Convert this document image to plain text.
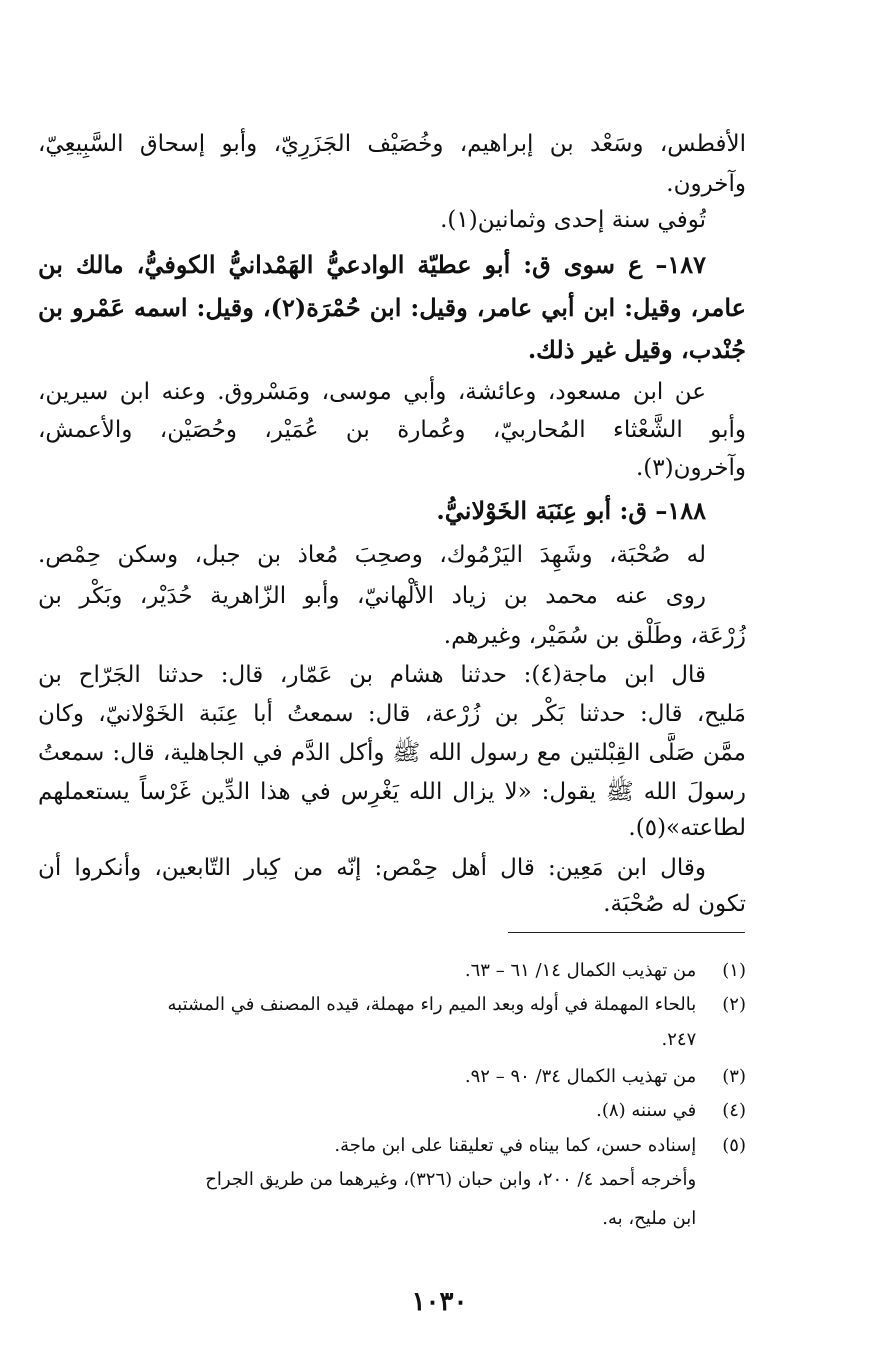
الأفطس، وسَعْد بن إبراهيم، وخُصَيْف الجَزَرِيّ، وأبو إسحاق السَّبِيعِيّ،
وآخرون.
تُوفي سنة إحدى وثمانين(١).
١٨٧– ع سوى ق: أبو عطيّة الوادعيُّ الهَمْدانيُّ الكوفيُّ، مالك بن
عامر، وقيل: ابن أبي عامر، وقيل: ابن حُمْرَة(٢)، وقيل: اسمه عَمْرو بن
جُنْدب، وقيل غير ذلك.
عن ابن مسعود، وعائشة، وأبي موسى، ومَسْروق. وعنه ابن سيرين،
وأبو الشَّعْثاء المُحاربيّ، وعُمارة بن عُمَيْر، وحُصَيْن، والأعمش،
وآخرون(٣).
١٨٨– ق: أبو عِنَبَة الخَوْلانيُّ.
له صُحْبَة، وشَهِدَ اليَرْمُوك، وصحِبَ مُعاذ بن جبل، وسكن حِمْص.
روى عنه محمد بن زياد الألْهانيّ، وأبو الزّاهرية حُدَيْر، وبَكْر بن
زُرْعَة، وطَلْق بن سُمَيْر، وغيرهم.
قال ابن ماجة(٤): حدثنا هشام بن عَمّار، قال: حدثنا الجَرّاح بن
مَليح، قال: حدثنا بَكْر بن زُرْعة، قال: سمعتُ أبا عِنَبة الخَوْلانيّ، وكان
ممَّن صَلَّى القِبْلتين مع رسول الله ﷺ وأكل الدَّم في الجاهلية، قال: سمعتُ
رسولَ الله ﷺ يقول: «لا يزال الله يَغْرِس في هذا الدِّين غَرْساً يستعملهم
لطاعته»(٥).
وقال ابن مَعِين: قال أهل حِمْص: إنّه من كِبار التّابعين، وأنكروا أن
تكون له صُحْبَة.
(١) من تهذيب الكمال ١٤/ ٦١ – ٦٣.
(٢) بالحاء المهملة في أوله وبعد الميم راء مهملة، قيده المصنف في المشتبه
٢٤٧.
(٣) من تهذيب الكمال ٣٤/ ٩٠ – ٩٢.
(٤) في سننه (٨).
(٥) إسناده حسن، كما بيناه في تعليقنا على ابن ماجة.
وأخرجه أحمد ٤/ ٢٠٠، وابن حبان (٣٢٦)، وغيرهما من طريق الجراح
ابن مليح، به.
١٠٣٠
